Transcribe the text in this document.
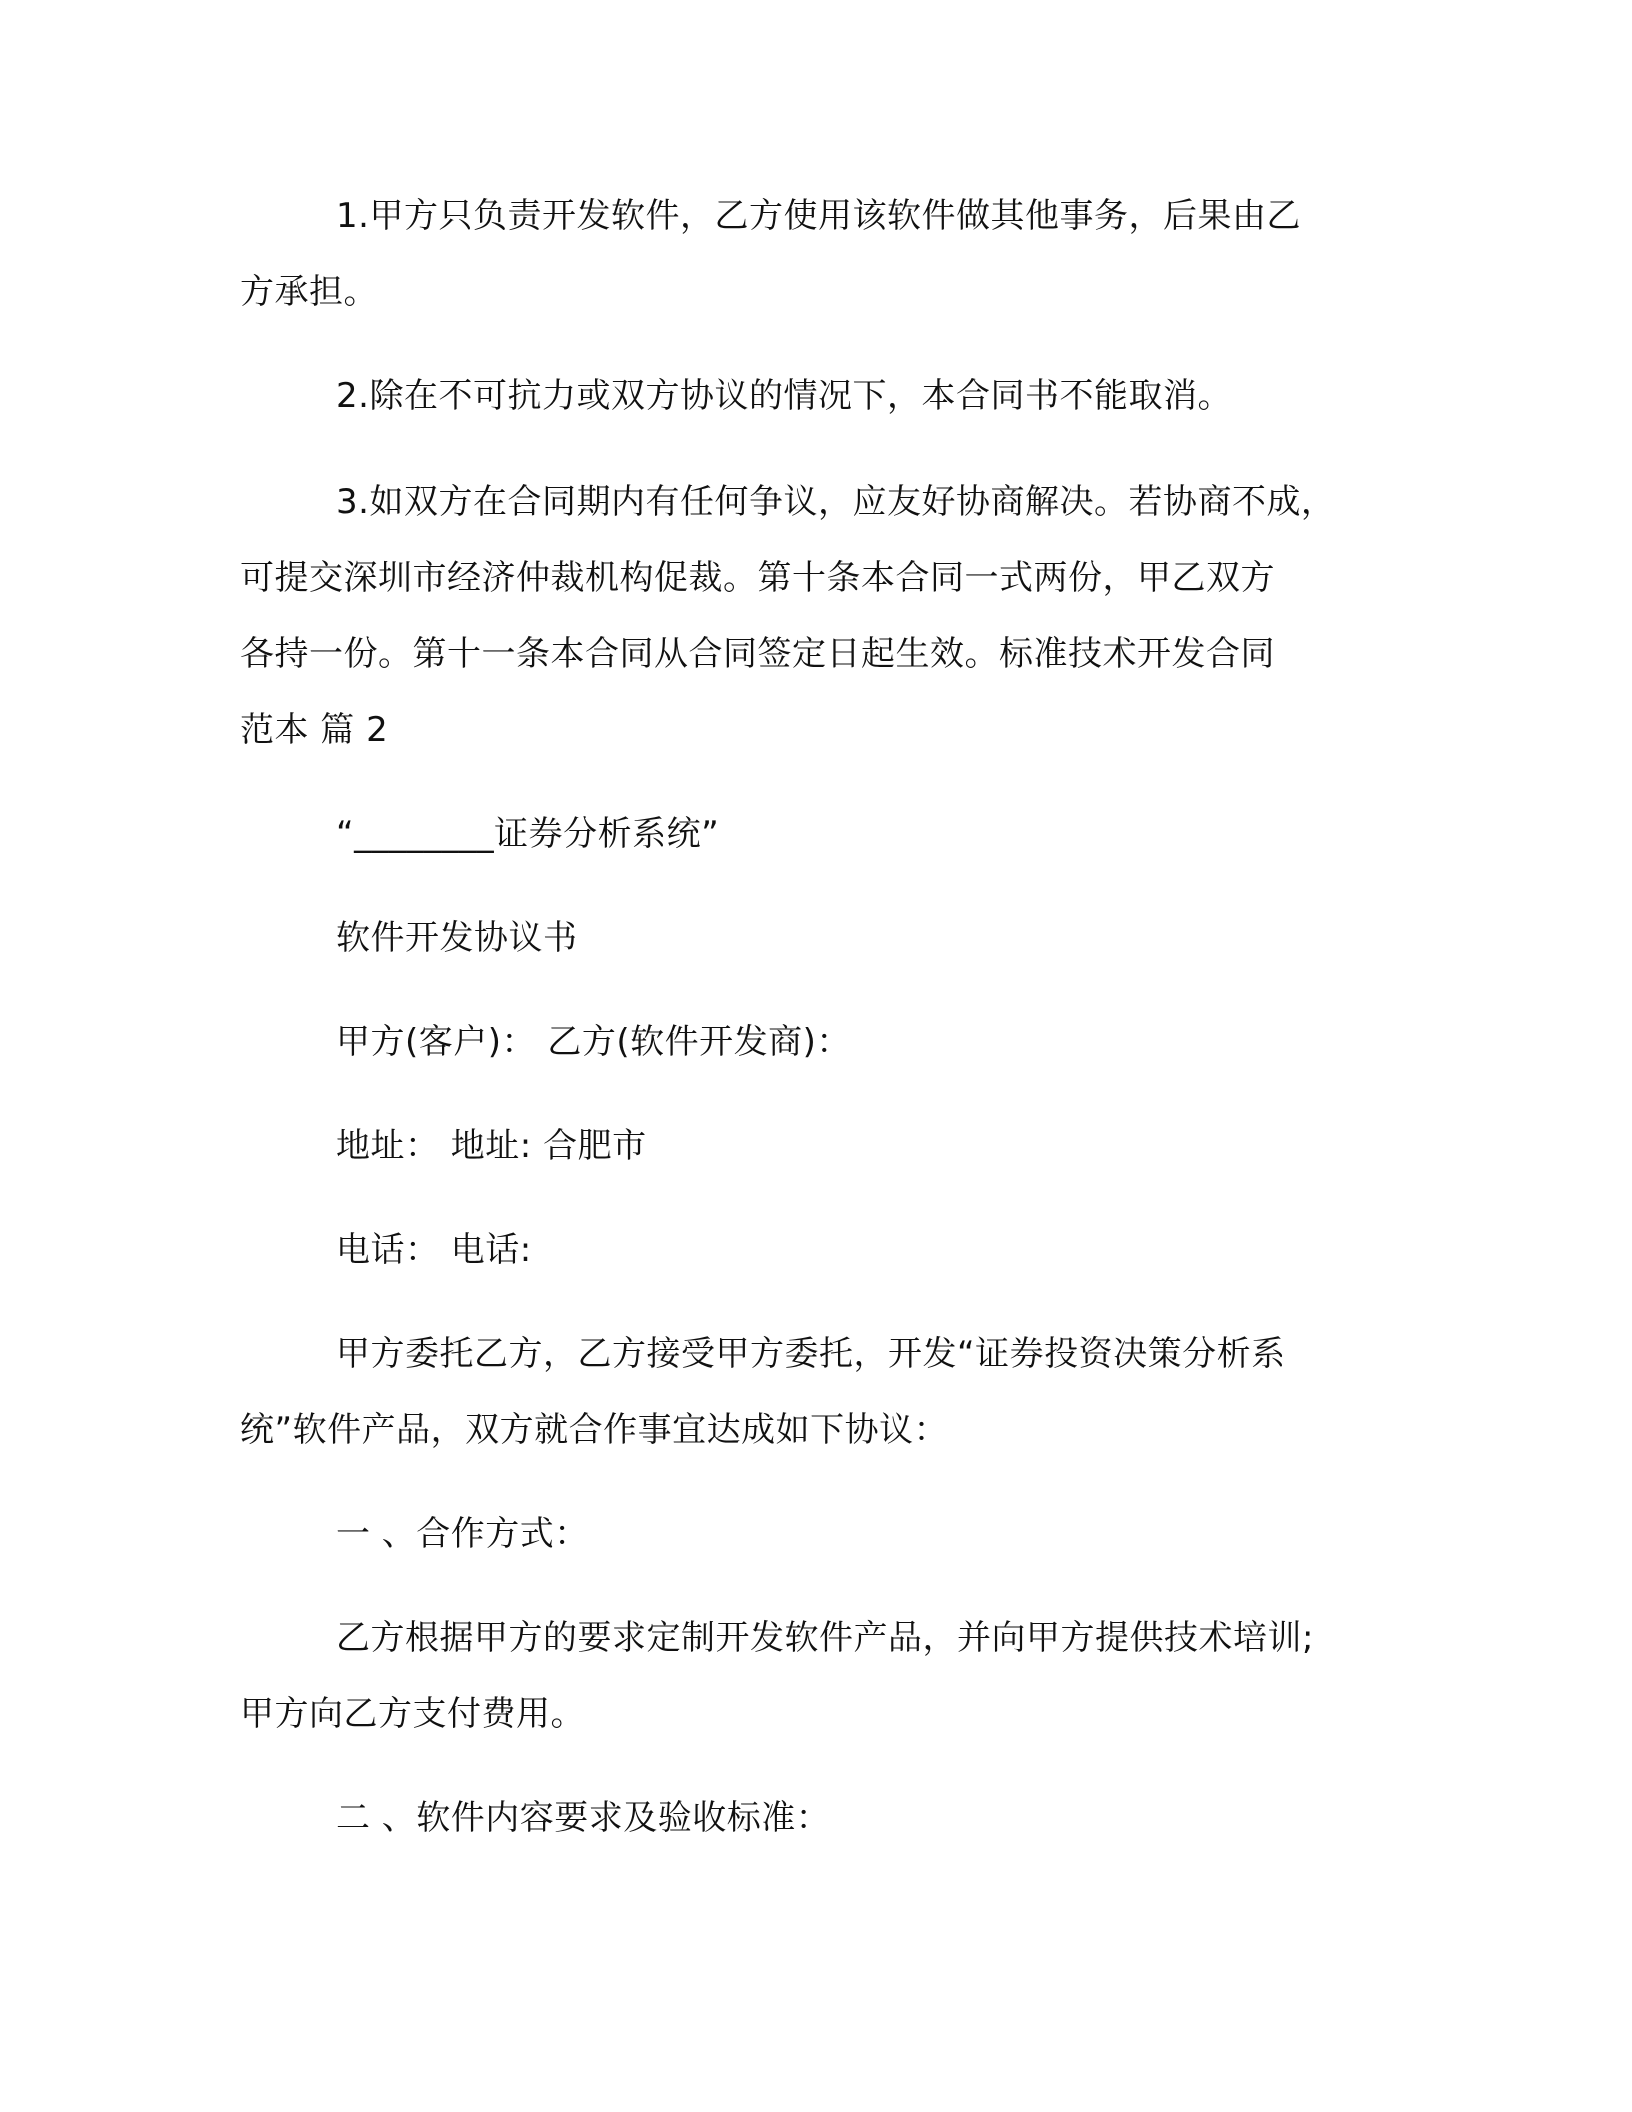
1.甲方只负责开发软件，乙方使用该软件做其他事务，后果由乙
方承担。

2.除在不可抗力或双方协议的情况下，本合同书不能取消。

3.如双方在合同期内有任何争议，应友好协商解决。若协商不成，
可提交深圳市经济仲裁机构促裁。第十条本合同一式两份，甲乙双方
各持一份。第十一条本合同从合同签定日起生效。标准技术开发合同
范本 篇 2

“________证券分析系统”

软件开发协议书

甲方(客户)： 乙方(软件开发商)：

地址： 地址: 合肥市

电话： 电话:

甲方委托乙方，乙方接受甲方委托，开发“证券投资决策分析系
统”软件产品，双方就合作事宜达成如下协议：

一 、合作方式：

乙方根据甲方的要求定制开发软件产品，并向甲方提供技术培训;
甲方向乙方支付费用。

二 、软件内容要求及验收标准：
